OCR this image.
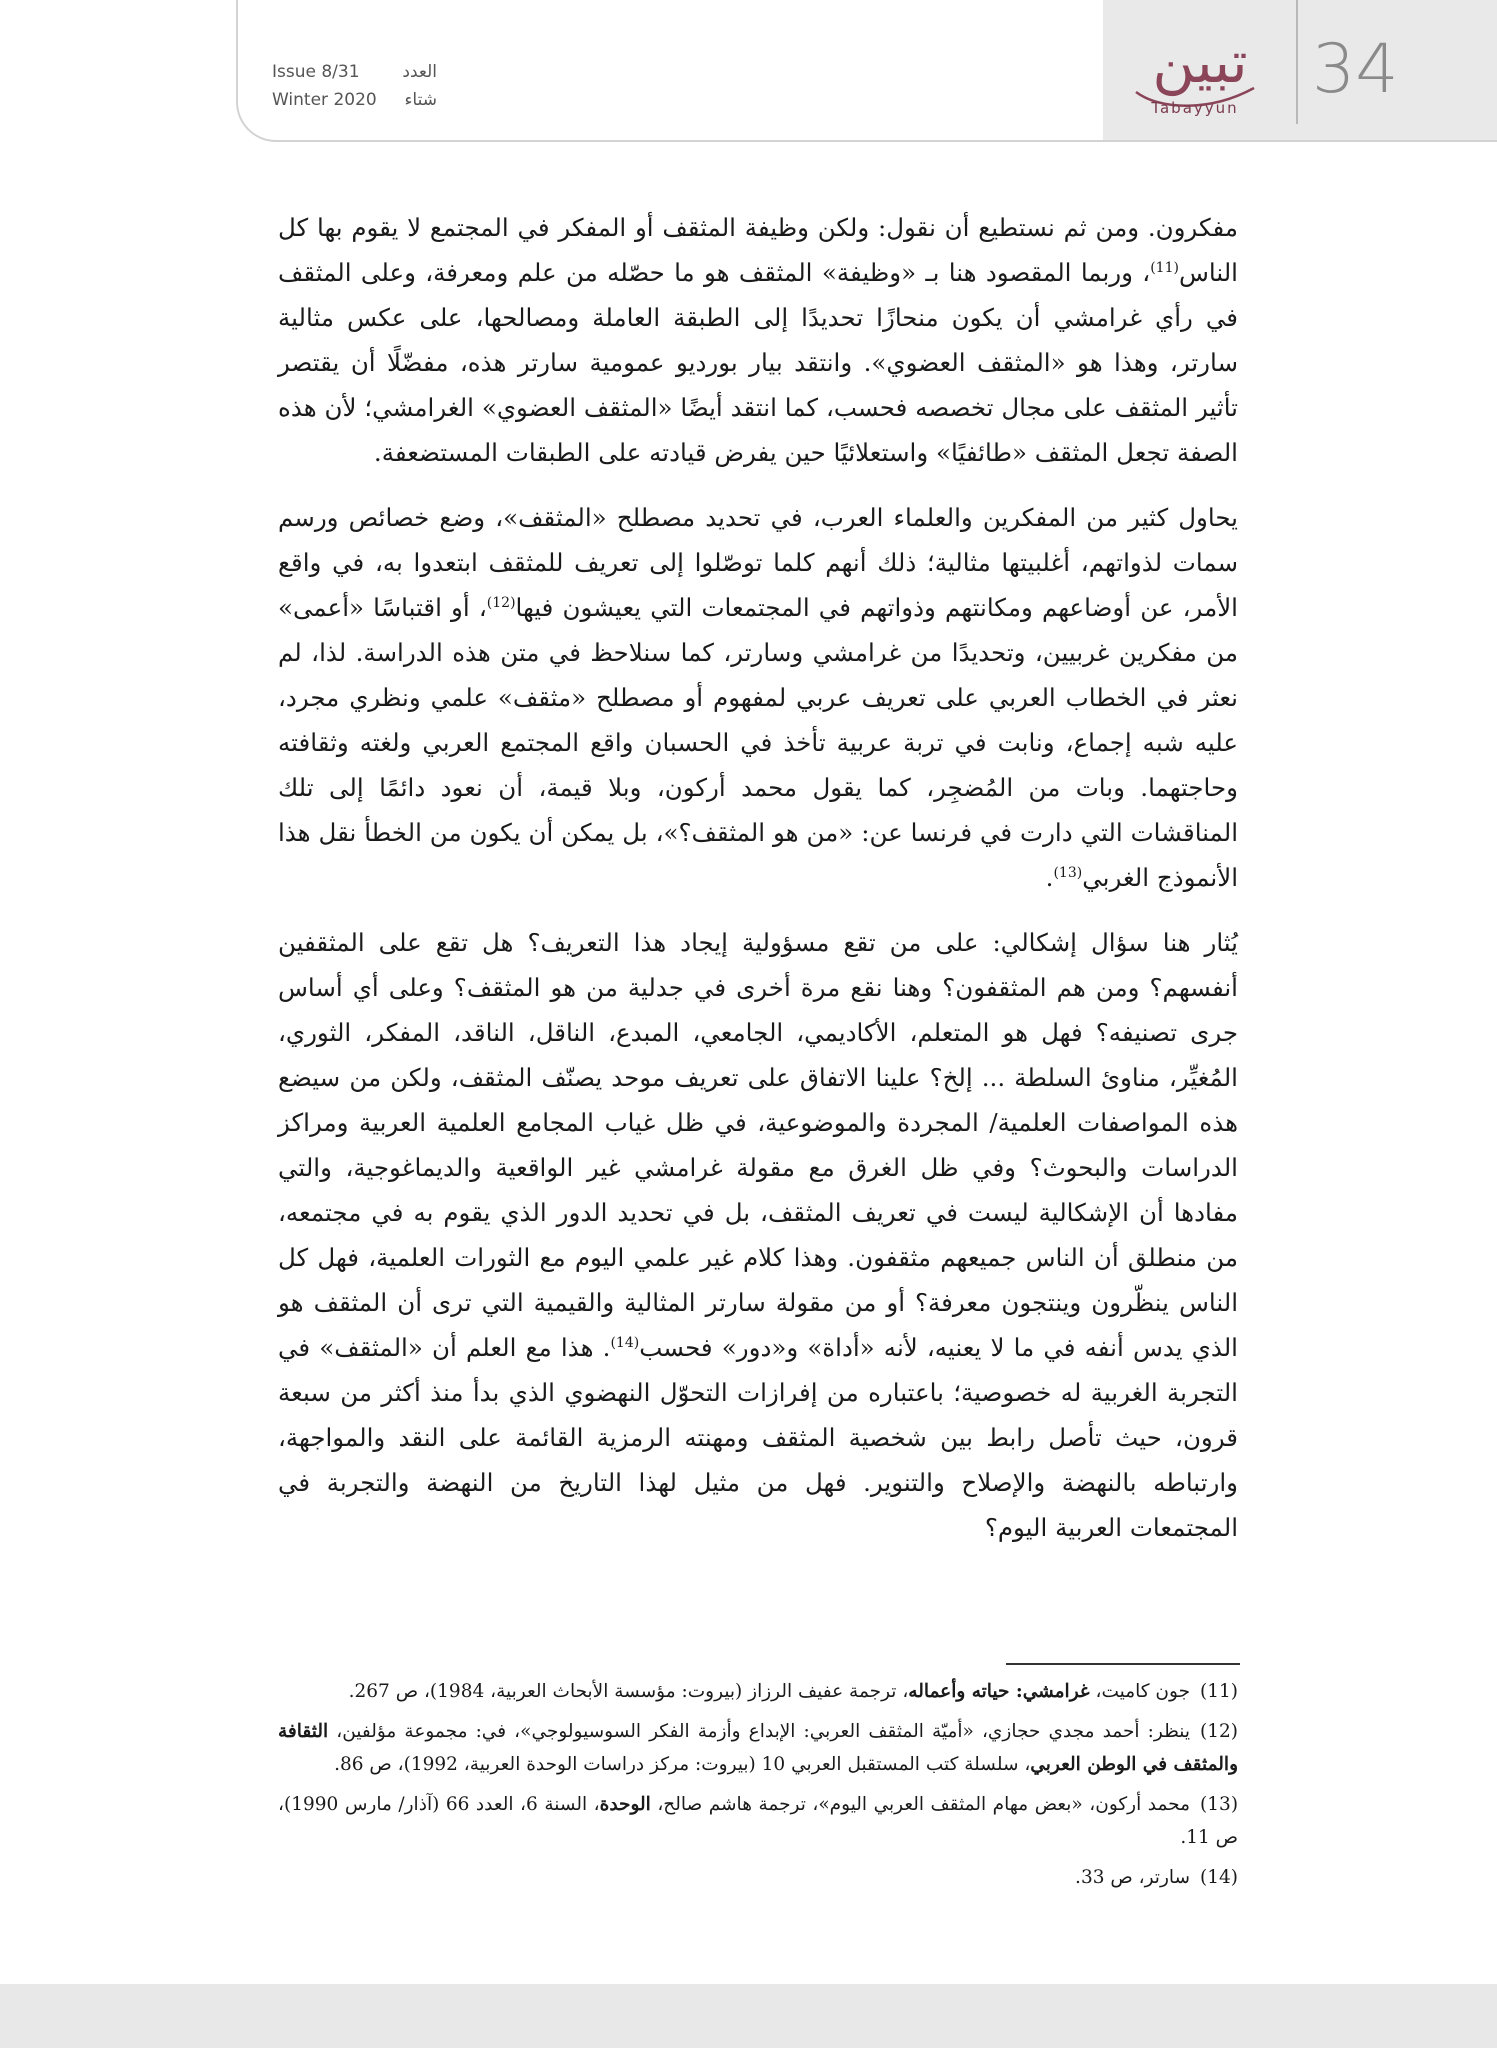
Issue 8/31	العدد
Winter 2020 شتاء
تبين
Tabayyun	34

مفكرون. ومن ثم نستطيع أن نقول: ولكن وظيفة المثقف أو المفكر في المجتمع لا يقوم بها كل الناس$^{(11)}$، وربما المقصود هنا بـ «وظيفة» المثقف هو ما حصّله من علم ومعرفة، وعلى المثقف في رأي غرامشي أن يكون منحازًا تحديدًا إلى الطبقة العاملة ومصالحها، على عكس مثالية سارتر، وهذا هو «المثقف العضوي». وانتقد بيار بورديو عمومية سارتر هذه، مفضّلًا أن يقتصر تأثير المثقف على مجال تخصصه فحسب، كما انتقد أيضًا «المثقف العضوي» الغرامشي؛ لأن هذه الصفة تجعل المثقف «طائفيًا» واستعلائيًا حين يفرض قيادته على الطبقات المستضعفة.

يحاول كثير من المفكرين والعلماء العرب، في تحديد مصطلح «المثقف»، وضع خصائص ورسم سمات لذواتهم، أغلبيتها مثالية؛ ذلك أنهم كلما توصّلوا إلى تعريف للمثقف ابتعدوا به، في واقع الأمر، عن أوضاعهم ومكانتهم وذواتهم في المجتمعات التي يعيشون فيها$^{(12)}$، أو اقتباسًا «أعمى» من مفكرين غربيين، وتحديدًا من غرامشي وسارتر، كما سنلاحظ في متن هذه الدراسة. لذا، لم نعثر في الخطاب العربي على تعريف عربي لمفهوم أو مصطلح «مثقف» علمي ونظري مجرد، عليه شبه إجماع، ونابت في تربة عربية تأخذ في الحسبان واقع المجتمع العربي ولغته وثقافته وحاجتهما. وبات من المُضجِر، كما يقول محمد أركون، وبلا قيمة، أن نعود دائمًا إلى تلك المناقشات التي دارت في فرنسا عن: «من هو المثقف؟»، بل يمكن أن يكون من الخطأ نقل هذا الأنموذج الغربي$^{(13)}$.

يُثار هنا سؤال إشكالي: على من تقع مسؤولية إيجاد هذا التعريف؟ هل تقع على المثقفين أنفسهم؟ ومن هم المثقفون؟ وهنا نقع مرة أخرى في جدلية من هو المثقف؟ وعلى أي أساس جرى تصنيفه؟ فهل هو المتعلم، الأكاديمي، الجامعي، المبدع، الناقل، الناقد، المفكر، الثوري، المُغيِّر، مناوئ السلطة ... إلخ؟ علينا الاتفاق على تعريف موحد يصنّف المثقف، ولكن من سيضع هذه المواصفات العلمية/ المجردة والموضوعية، في ظل غياب المجامع العلمية العربية ومراكز الدراسات والبحوث؟ وفي ظل الغرق مع مقولة غرامشي غير الواقعية والديماغوجية، والتي مفادها أن الإشكالية ليست في تعريف المثقف، بل في تحديد الدور الذي يقوم به في مجتمعه، من منطلق أن الناس جميعهم مثقفون. وهذا كلام غير علمي اليوم مع الثورات العلمية، فهل كل الناس ينظّرون وينتجون معرفة؟ أو من مقولة سارتر المثالية والقيمية التي ترى أن المثقف هو الذي يدس أنفه في ما لا يعنيه، لأنه «أداة» و«دور» فحسب$^{(14)}$. هذا مع العلم أن «المثقف» في التجربة الغربية له خصوصية؛ باعتباره من إفرازات التحوّل النهضوي الذي بدأ منذ أكثر من سبعة قرون، حيث تأصل رابط بين شخصية المثقف ومهنته الرمزية القائمة على النقد والمواجهة، وارتباطه بالنهضة والإصلاح والتنوير. فهل من مثيل لهذا التاريخ من النهضة والتجربة في المجتمعات العربية اليوم؟

(11)جون كاميت، غرامشي: حياته وأعماله، ترجمة عفيف الرزاز (بيروت: مؤسسة الأبحاث العربية، 1984)، ص 267.

(12)ينظر: أحمد مجدي حجازي، «أميّة المثقف العربي: الإبداع وأزمة الفكر السوسيولوجي»، في: مجموعة مؤلفين، الثقافة والمثقف في الوطن العربي، سلسلة كتب المستقبل العربي 10 (بيروت: مركز دراسات الوحدة العربية، 1992)، ص 86.

(13)محمد أركون، «بعض مهام المثقف العربي اليوم»، ترجمة هاشم صالح، الوحدة، السنة 6، العدد 66 (آذار/ مارس 1990)، ص 11.

(14)سارتر، ص 33.
